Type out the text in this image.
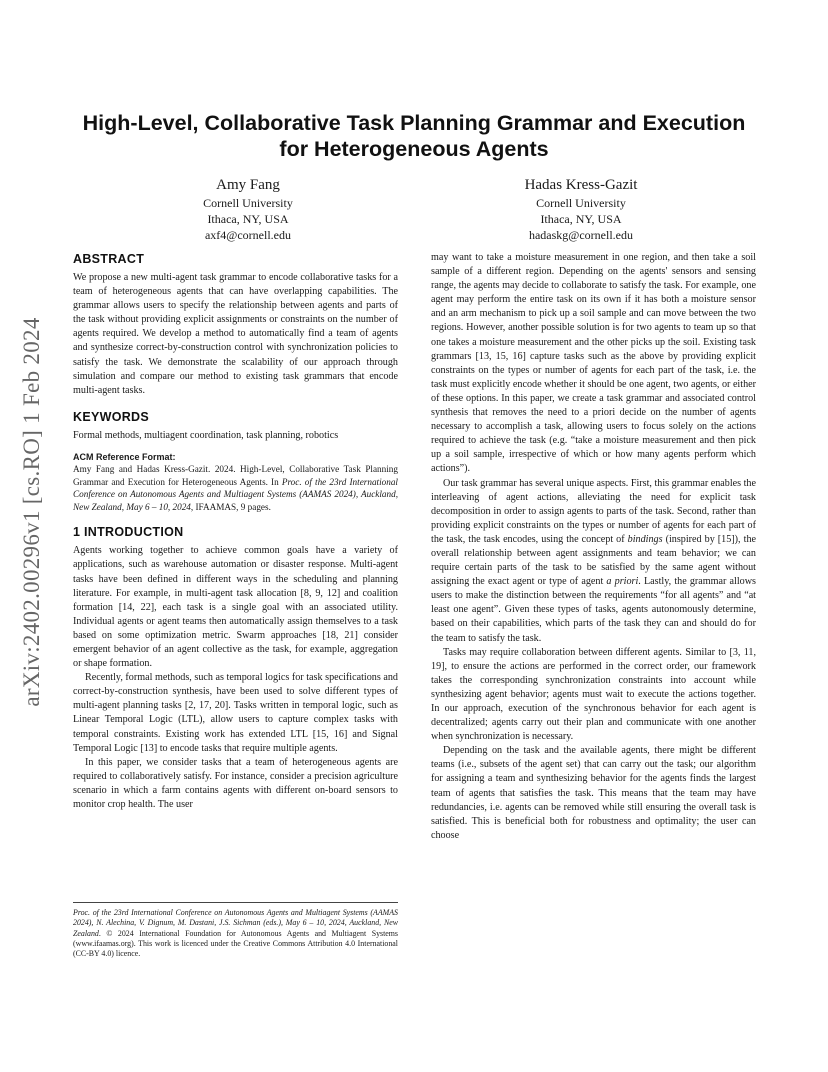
arXiv:2402.00296v1 [cs.RO] 1 Feb 2024
High-Level, Collaborative Task Planning Grammar and Execution
for Heterogeneous Agents
Amy Fang
Cornell University
Ithaca, NY, USA
axf4@cornell.edu
Hadas Kress-Gazit
Cornell University
Ithaca, NY, USA
hadaskg@cornell.edu
ABSTRACT

We propose a new multi-agent task grammar to encode collaborative tasks for a team of heterogeneous agents that can have overlapping capabilities. The grammar allows users to specify the relationship between agents and parts of the task without providing explicit assignments or constraints on the number of agents required. We develop a method to automatically find a team of agents and synthesize correct-by-construction control with synchronization policies to satisfy the task. We demonstrate the scalability of our approach through simulation and compare our method to existing task grammars that encode multi-agent tasks.

KEYWORDS

Formal methods, multiagent coordination, task planning, robotics

ACM Reference Format:

Amy Fang and Hadas Kress-Gazit. 2024. High-Level, Collaborative Task Planning Grammar and Execution for Heterogeneous Agents. In Proc. of the 23rd International Conference on Autonomous Agents and Multiagent Systems (AAMAS 2024), Auckland, New Zealand, May 6 – 10, 2024, IFAAMAS, 9 pages.

1 INTRODUCTION

Agents working together to achieve common goals have a variety of applications, such as warehouse automation or disaster response. Multi-agent tasks have been defined in different ways in the scheduling and planning literature. For example, in multi-agent task allocation [8, 9, 12] and coalition formation [14, 22], each task is a single goal with an associated utility. Individual agents or agent teams then automatically assign themselves to a task based on some optimization metric. Swarm approaches [18, 21] consider emergent behavior of an agent collective as the task, for example, aggregation or shape formation.

Recently, formal methods, such as temporal logics for task specifications and correct-by-construction synthesis, have been used to solve different types of multi-agent planning tasks [2, 17, 20]. Tasks written in temporal logic, such as Linear Temporal Logic (LTL), allow users to capture complex tasks with temporal constraints. Existing work has extended LTL [15, 16] and Signal Temporal Logic [13] to encode tasks that require multiple agents.

In this paper, we consider tasks that a team of heterogeneous agents are required to collaboratively satisfy. For instance, consider a precision agriculture scenario in which a farm contains agents with different on-board sensors to monitor crop health. The user

may want to take a moisture measurement in one region, and then take a soil sample of a different region. Depending on the agents' sensors and sensing range, the agents may decide to collaborate to satisfy the task. For example, one agent may perform the entire task on its own if it has both a moisture sensor and an arm mechanism to pick up a soil sample and can move between the two regions. However, another possible solution is for two agents to team up so that one takes a moisture measurement and the other picks up the soil. Existing task grammars [13, 15, 16] capture tasks such as the above by providing explicit constraints on the types or number of agents for each part of the task, i.e. the task must explicitly encode whether it should be one agent, two agents, or either of these options. In this paper, we create a task grammar and associated control synthesis that removes the need to a priori decide on the number of agents necessary to accomplish a task, allowing users to focus solely on the actions required to achieve the task (e.g. “take a moisture measurement and then pick up a soil sample, irrespective of which or how many agents perform which actions”).

Our task grammar has several unique aspects. First, this grammar enables the interleaving of agent actions, alleviating the need for explicit task decomposition in order to assign agents to parts of the task. Second, rather than providing explicit constraints on the types or number of agents for each part of the task, the task encodes, using the concept of bindings (inspired by [15]), the overall relationship between agent assignments and team behavior; we can require certain parts of the task to be satisfied by the same agent without assigning the exact agent or type of agent a priori. Lastly, the grammar allows users to make the distinction between the requirements “for all agents” and “at least one agent”. Given these types of tasks, agents autonomously determine, based on their capabilities, which parts of the task they can and should do for the team to satisfy the task.

Tasks may require collaboration between different agents. Similar to [3, 11, 19], to ensure the actions are performed in the correct order, our framework takes the corresponding synchronization constraints into account while synthesizing agent behavior; agents must wait to execute the actions together. In our approach, execution of the synchronous behavior for each agent is decentralized; agents carry out their plan and communicate with one another when synchronization is necessary.

Depending on the task and the available agents, there might be different teams (i.e., subsets of the agent set) that can carry out the task; our algorithm for assigning a team and synthesizing behavior for the agents finds the largest team of agents that satisfies the task. This means that the team may have redundancies, i.e. agents can be removed while still ensuring the overall task is satisfied. This is beneficial both for robustness and optimality; the user can choose

Proc. of the 23rd International Conference on Autonomous Agents and Multiagent Systems (AAMAS 2024), N. Alechina, V. Dignum, M. Dastani, J.S. Sichman (eds.), May 6 – 10, 2024, Auckland, New Zealand. © 2024 International Foundation for Autonomous Agents and Multiagent Systems (www.ifaamas.org). This work is licenced under the Creative Commons Attribution 4.0 International (CC-BY 4.0) licence.
